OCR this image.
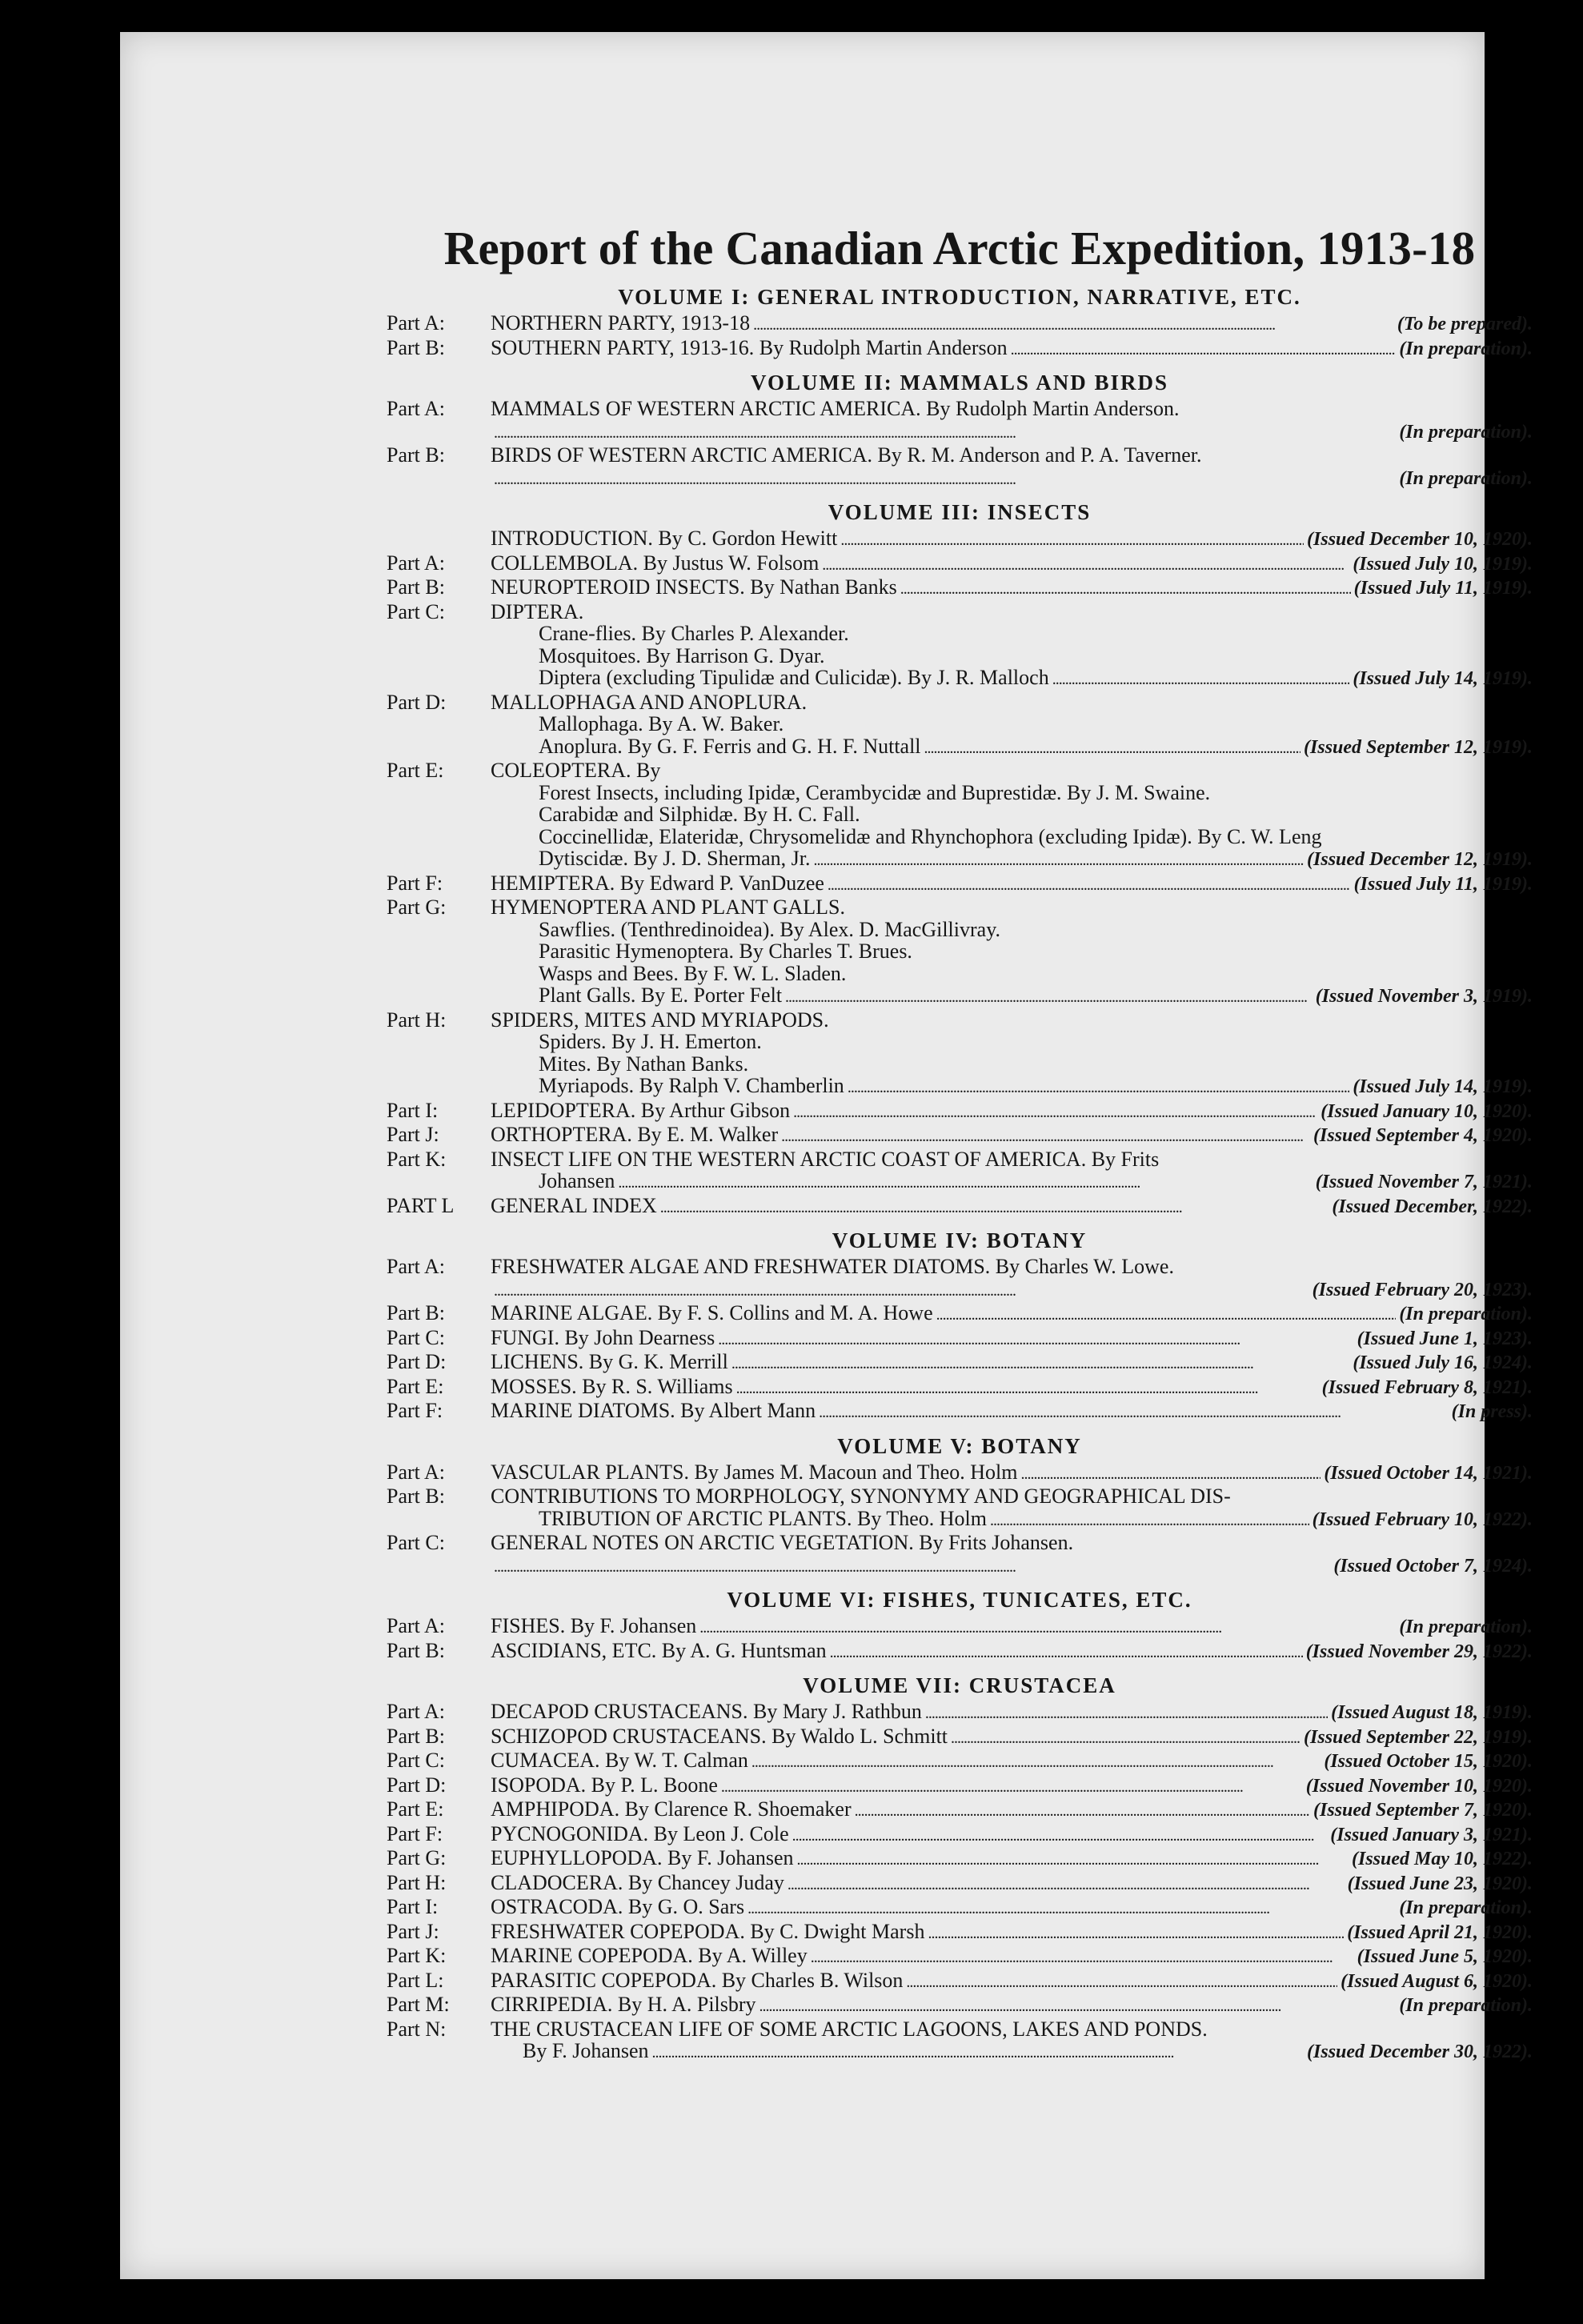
Report of the Canadian Arctic Expedition, 1913-18
VOLUME I: GENERAL INTRODUCTION, NARRATIVE, ETC.
Part A:	NORTHERN PARTY, 1913-18 . . .	(To be prepared).
Part B:	SOUTHERN PARTY, 1913-16. By Rudolph Martin Anderson . . .	(In preparation).
VOLUME II: MAMMALS AND BIRDS
Part A:	MAMMALS OF WESTERN ARCTIC AMERICA. By Rudolph Martin Anderson.
. . .
(In preparation).
Part B:	BIRDS OF WESTERN ARCTIC AMERICA. By R. M. Anderson and P. A. Taverner.
. . .
(In preparation).
VOLUME III: INSECTS
INTRODUCTION. By C. Gordon Hewitt . . .	(Issued December 10, 1920).
Part A:	COLLEMBOLA. By Justus W. Folsom . . .	(Issued July 10, 1919).
Part B:	NEUROPTEROID INSECTS. By Nathan Banks . . .	(Issued July 11, 1919).
Part C:	DIPTERA.
Crane-flies. By Charles P. Alexander.
Mosquitoes. By Harrison G. Dyar.
Diptera (excluding Tipulidæ and Culicidæ). By J. R. Malloch . . .	(Issued July 14, 1919).
Part D:	MALLOPHAGA AND ANOPLURA.
Mallophaga. By A. W. Baker.
Anoplura. By G. F. Ferris and G. H. F. Nuttall . . .	(Issued September 12, 1919).
Part E:	COLEOPTERA. By
Forest Insects, including Ipidæ, Cerambycidæ and Buprestidæ. By J. M. Swaine.
Carabidæ and Silphidæ. By H. C. Fall.
Coccinellidæ, Elateridæ, Chrysomelidæ and Rhynchophora (excluding Ipidæ). By C. W. Leng
Dytiscidæ. By J. D. Sherman, Jr. . . .	(Issued December 12, 1919).
Part F:	HEMIPTERA. By Edward P. VanDuzee . . .	(Issued July 11, 1919).
Part G:	HYMENOPTERA AND PLANT GALLS.
Sawflies. (Tenthredinoidea). By Alex. D. MacGillivray.
Parasitic Hymenoptera. By Charles T. Brues.
Wasps and Bees. By F. W. L. Sladen.
Plant Galls. By E. Porter Felt . . .	(Issued November 3, 1919).
Part H:	SPIDERS, MITES AND MYRIAPODS.
Spiders. By J. H. Emerton.
Mites. By Nathan Banks.
Myriapods. By Ralph V. Chamberlin . . .	(Issued July 14, 1919).
Part I:	LEPIDOPTERA. By Arthur Gibson . . .	(Issued January 10, 1920).
Part J:	ORTHOPTERA. By E. M. Walker . . .	(Issued September 4, 1920).
Part K:	INSECT LIFE ON THE WESTERN ARCTIC COAST OF AMERICA. By Frits
Johansen . . .	(Issued November 7, 1921).
PART L	GENERAL INDEX . . .	(Issued December, 1922).
VOLUME IV: BOTANY
Part A:	FRESHWATER ALGAE AND FRESHWATER DIATOMS. By Charles W. Lowe.
. . .
(Issued February 20, 1923).
Part B:	MARINE ALGAE. By F. S. Collins and M. A. Howe . . .	(In preparation).
Part C:	FUNGI. By John Dearness . . .	(Issued June 1, 1923).
Part D:	LICHENS. By G. K. Merrill . . .	(Issued July 16, 1924).
Part E:	MOSSES. By R. S. Williams . . .	(Issued February 8, 1921).
Part F:	MARINE DIATOMS. By Albert Mann . . .	(In press).
VOLUME V: BOTANY
Part A:	VASCULAR PLANTS. By James M. Macoun and Theo. Holm . . .	(Issued October 14, 1921).
Part B:	CONTRIBUTIONS TO MORPHOLOGY, SYNONYMY AND GEOGRAPHICAL DIS-
TRIBUTION OF ARCTIC PLANTS. By Theo. Holm . . .	(Issued February 10, 1922).
Part C:	GENERAL NOTES ON ARCTIC VEGETATION. By Frits Johansen.
. . .
(Issued October 7, 1924).
VOLUME VI: FISHES, TUNICATES, ETC.
Part A:	FISHES. By F. Johansen . . .	(In preparation).
Part B:	ASCIDIANS, ETC. By A. G. Huntsman . . .	(Issued November 29, 1922).
VOLUME VII: CRUSTACEA
Part A:	DECAPOD CRUSTACEANS. By Mary J. Rathbun . . .	(Issued August 18, 1919).
Part B:	SCHIZOPOD CRUSTACEANS. By Waldo L. Schmitt . . .	(Issued September 22, 1919).
Part C:	CUMACEA. By W. T. Calman . . .	(Issued October 15, 1920).
Part D:	ISOPODA. By P. L. Boone . . .	(Issued November 10, 1920).
Part E:	AMPHIPODA. By Clarence R. Shoemaker . . .	(Issued September 7, 1920).
Part F:	PYCNOGONIDA. By Leon J. Cole . . .	(Issued January 3, 1921).
Part G:	EUPHYLLOPODA. By F. Johansen . . .	(Issued May 10, 1922).
Part H:	CLADOCERA. By Chancey Juday . . .	(Issued June 23, 1920).
Part I:	OSTRACODA. By G. O. Sars . . .	(In preparation).
Part J:	FRESHWATER COPEPODA. By C. Dwight Marsh . . .	(Issued April 21, 1920).
Part K:	MARINE COPEPODA. By A. Willey . . .	(Issued June 5, 1920).
Part L:	PARASITIC COPEPODA. By Charles B. Wilson . . .	(Issued August 6, 1920).
Part M:	CIRRIPEDIA. By H. A. Pilsbry . . .	(In preparation).
Part N:	THE CRUSTACEAN LIFE OF SOME ARCTIC LAGOONS, LAKES AND PONDS.
By F. Johansen . . .	(Issued December 30, 1922).
